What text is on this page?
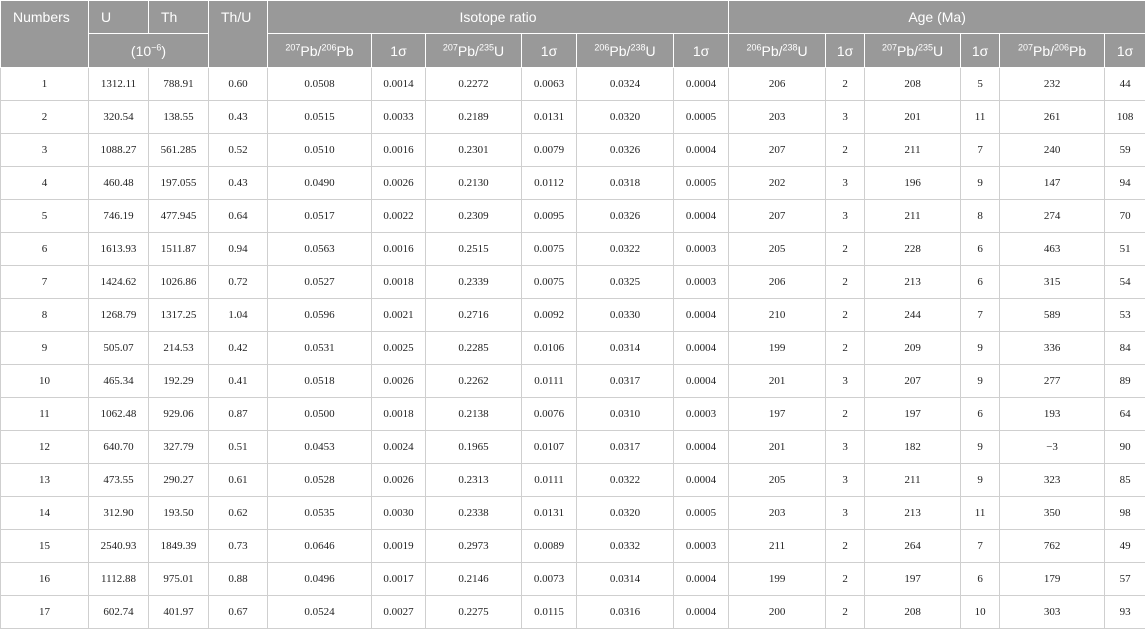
Numbers	U	Th	Th/U	Isotope ratio						Age (Ma)					
	$(10^{-6})$			$^{207}$Pb/$^{206}$Pb	1σ	$^{207}$Pb/$^{235}$U	1σ	$^{206}$Pb/$^{238}$U	1σ	$^{206}$Pb/$^{238}$U	1σ	$^{207}$Pb/$^{235}$U	1σ	$^{207}$Pb/$^{206}$Pb	1σ
1	1312.11	788.91	0.60	0.0508	0.0014	0.2272	0.0063	0.0324	0.0004	206	2	208	5	232	44
2	320.54	138.55	0.43	0.0515	0.0033	0.2189	0.0131	0.0320	0.0005	203	3	201	11	261	108
3	1088.27	561.285	0.52	0.0510	0.0016	0.2301	0.0079	0.0326	0.0004	207	2	211	7	240	59
4	460.48	197.055	0.43	0.0490	0.0026	0.2130	0.0112	0.0318	0.0005	202	3	196	9	147	94
5	746.19	477.945	0.64	0.0517	0.0022	0.2309	0.0095	0.0326	0.0004	207	3	211	8	274	70
6	1613.93	1511.87	0.94	0.0563	0.0016	0.2515	0.0075	0.0322	0.0003	205	2	228	6	463	51
7	1424.62	1026.86	0.72	0.0527	0.0018	0.2339	0.0075	0.0325	0.0003	206	2	213	6	315	54
8	1268.79	1317.25	1.04	0.0596	0.0021	0.2716	0.0092	0.0330	0.0004	210	2	244	7	589	53
9	505.07	214.53	0.42	0.0531	0.0025	0.2285	0.0106	0.0314	0.0004	199	2	209	9	336	84
10	465.34	192.29	0.41	0.0518	0.0026	0.2262	0.0111	0.0317	0.0004	201	3	207	9	277	89
11	1062.48	929.06	0.87	0.0500	0.0018	0.2138	0.0076	0.0310	0.0003	197	2	197	6	193	64
12	640.70	327.79	0.51	0.0453	0.0024	0.1965	0.0107	0.0317	0.0004	201	3	182	9	−3	90
13	473.55	290.27	0.61	0.0528	0.0026	0.2313	0.0111	0.0322	0.0004	205	3	211	9	323	85
14	312.90	193.50	0.62	0.0535	0.0030	0.2338	0.0131	0.0320	0.0005	203	3	213	11	350	98
15	2540.93	1849.39	0.73	0.0646	0.0019	0.2973	0.0089	0.0332	0.0003	211	2	264	7	762	49
16	1112.88	975.01	0.88	0.0496	0.0017	0.2146	0.0073	0.0314	0.0004	199	2	197	6	179	57
17	602.74	401.97	0.67	0.0524	0.0027	0.2275	0.0115	0.0316	0.0004	200	2	208	10	303	93
